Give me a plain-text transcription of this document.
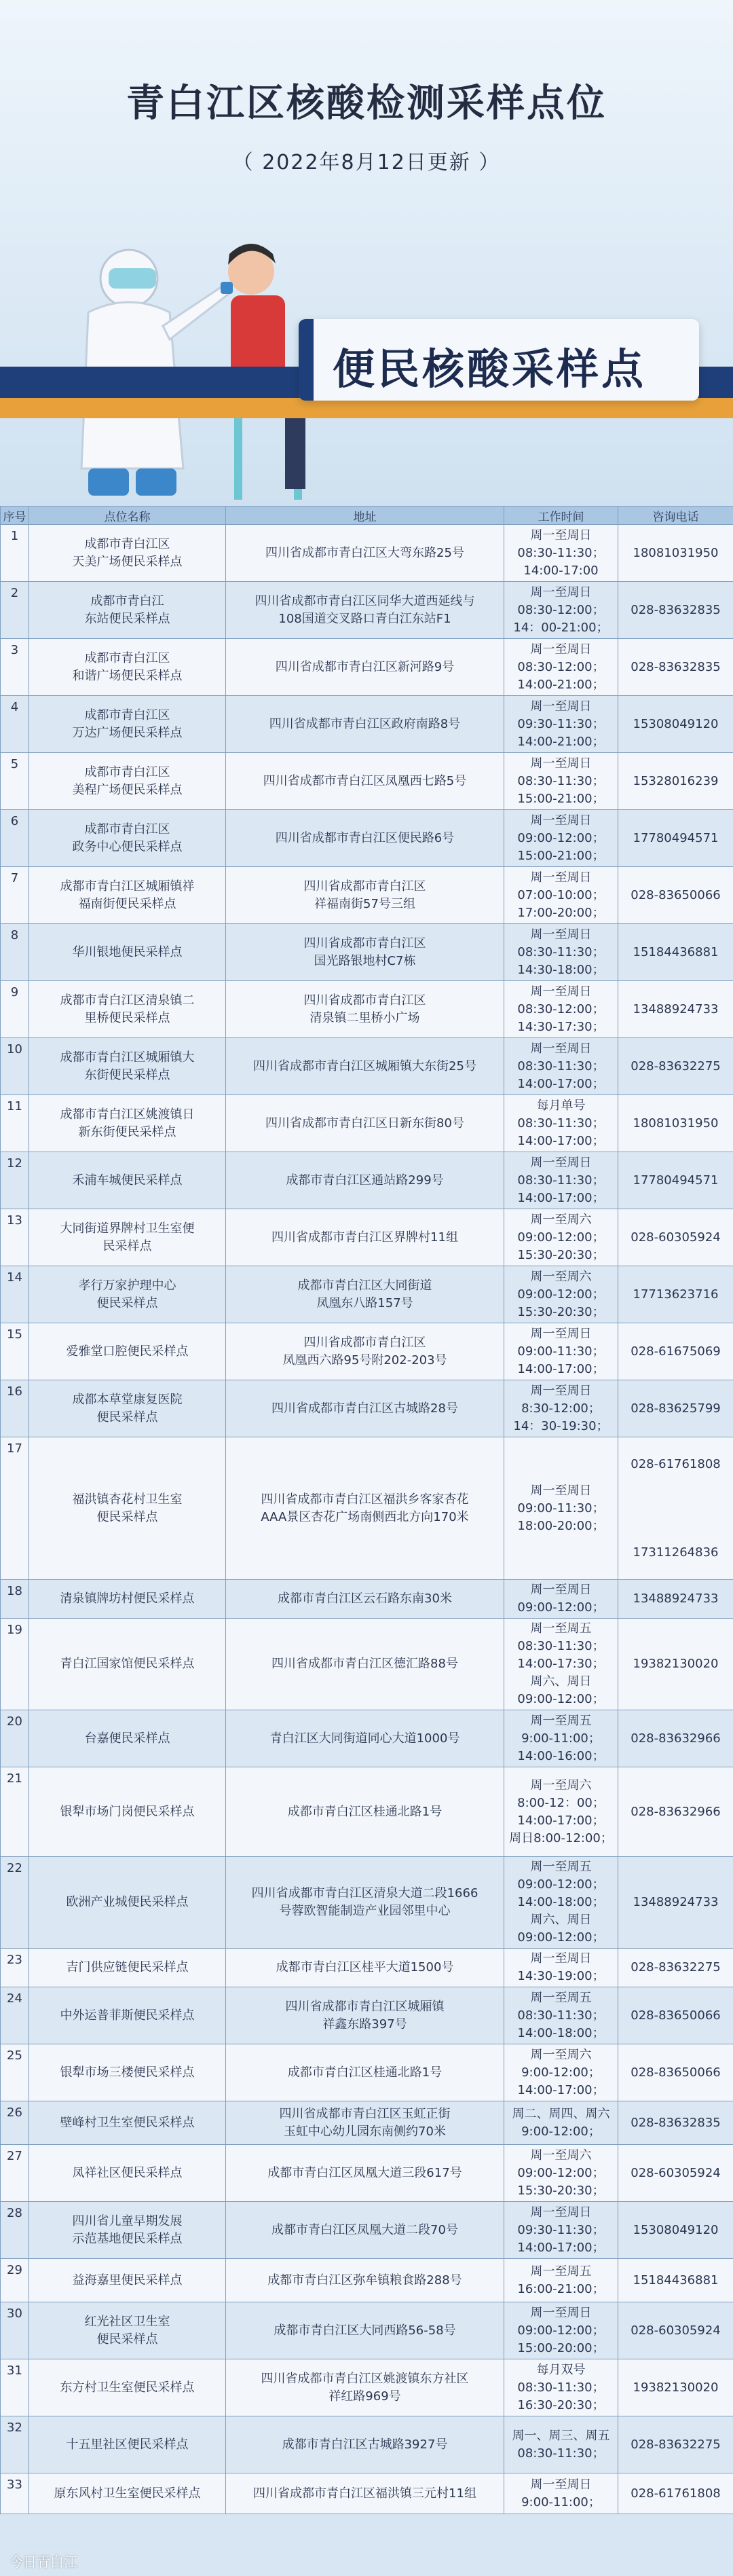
青白江区核酸检测采样点位
（ 2022年8月12日更新 ）
便民核酸采样点
序号	点位名称	地址	工作时间	咨询电话
1	成都市青白江区
天美广场便民采样点	四川省成都市青白江区大弯东路25号	周一至周日
08:30-11:30；
14:00-17:00	18081031950
2	成都市青白江
东站便民采样点	四川省成都市青白江区同华大道西延线与
108国道交叉路口青白江东站F1	周一至周日
08:30-12:00；
14：00-21:00；	028-83632835
3	成都市青白江区
和谐广场便民采样点	四川省成都市青白江区新河路9号	周一至周日
08:30-12:00；
14:00-21:00；	028-83632835
4	成都市青白江区
万达广场便民采样点	四川省成都市青白江区政府南路8号	周一至周日
09:30-11:30；
14:00-21:00；	15308049120
5	成都市青白江区
美程广场便民采样点	四川省成都市青白江区凤凰西七路5号	周一至周日
08:30-11:30；
15:00-21:00；	15328016239
6	成都市青白江区
政务中心便民采样点	四川省成都市青白江区便民路6号	周一至周日
09:00-12:00；
15:00-21:00；	17780494571
7	成都市青白江区城厢镇祥
福南街便民采样点	四川省成都市青白江区
祥福南街57号三组	周一至周日
07:00-10:00；
17:00-20:00；	028-83650066
8	华川银地便民采样点	四川省成都市青白江区
国光路银地村C7栋	周一至周日
08:30-11:30；
14:30-18:00；	15184436881
9	成都市青白江区清泉镇二
里桥便民采样点	四川省成都市青白江区
清泉镇二里桥小广场	周一至周日
08:30-12:00；
14:30-17:30；	13488924733
10	成都市青白江区城厢镇大
东街便民采样点	四川省成都市青白江区城厢镇大东街25号	周一至周日
08:30-11:30；
14:00-17:00；	028-83632275
11	成都市青白江区姚渡镇日
新东街便民采样点	四川省成都市青白江区日新东街80号	每月单号
08:30-11:30；
14:00-17:00；	18081031950
12	禾浦车城便民采样点	成都市青白江区通站路299号	周一至周日
08:30-11:30；
14:00-17:00；	17780494571
13	大同街道界牌村卫生室便
民采样点	四川省成都市青白江区界牌村11组	周一至周六
09:00-12:00；
15:30-20:30；	028-60305924
14	孝行万家护理中心
便民采样点	成都市青白江区大同街道
凤凰东八路157号	周一至周六
09:00-12:00；
15:30-20:30；	17713623716
15	爱雅堂口腔便民采样点	四川省成都市青白江区
凤凰西六路95号附202-203号	周一至周日
09:00-11:30；
14:00-17:00；	028-61675069
16	成都本草堂康复医院
便民采样点	四川省成都市青白江区古城路28号	周一至周日
8:30-12:00；
14：30-19:30；	028-83625799
17	福洪镇杏花村卫生室
便民采样点	四川省成都市青白江区福洪乡客家杏花
AAA景区杏花广场南侧西北方向170米	周一至周日
09:00-11:30；
18:00-20:00；	028-61761808

17311264836
18	清泉镇牌坊村便民采样点	成都市青白江区云石路东南30米	周一至周日
09:00-12:00；	13488924733
19	青白江国家馆便民采样点	四川省成都市青白江区德汇路88号	周一至周五
08:30-11:30；
14:00-17:30；
周六、周日
09:00-12:00；	19382130020
20	台嘉便民采样点	青白江区大同街道同心大道1000号	周一至周五
9:00-11:00；
14:00-16:00；	028-83632966
21	银犁市场门岗便民采样点	成都市青白江区桂通北路1号	周一至周六
8:00-12：00；
14:00-17:00；
周日8:00-12:00；	028-83632966
22	欧洲产业城便民采样点	四川省成都市青白江区清泉大道二段1666
号蓉欧智能制造产业园邻里中心	周一至周五
09:00-12:00；
14:00-18:00；
周六、周日
09:00-12:00；	13488924733
23	吉门供应链便民采样点	成都市青白江区桂平大道1500号	周一至周日
14:30-19:00；	028-83632275
24	中外运普菲斯便民采样点	四川省成都市青白江区城厢镇
祥鑫东路397号	周一至周五
08:30-11:30；
14:00-18:00；	028-83650066
25	银犁市场三楼便民采样点	成都市青白江区桂通北路1号	周一至周六
9:00-12:00；
14:00-17:00；	028-83650066
26	壁峰村卫生室便民采样点	四川省成都市青白江区玉虹正街
玉虹中心幼儿园东南侧约70米	周二、周四、周六
9:00-12:00；	028-83632835
27	凤祥社区便民采样点	成都市青白江区凤凰大道三段617号	周一至周六
09:00-12:00；
15:30-20:30；	028-60305924
28	四川省儿童早期发展
示范基地便民采样点	成都市青白江区凤凰大道二段70号	周一至周日
09:30-11:30；
14:00-17:00；	15308049120
29	益海嘉里便民采样点	成都市青白江区弥牟镇粮食路288号	周一至周五
16:00-21:00；	15184436881
30	红光社区卫生室
便民采样点	成都市青白江区大同西路56-58号	周一至周日
09:00-12:00；
15:00-20:00；	028-60305924
31	东方村卫生室便民采样点	四川省成都市青白江区姚渡镇东方社区
祥红路969号	每月双号
08:30-11:30；
16:30-20:30；	19382130020
32	十五里社区便民采样点	成都市青白江区古城路3927号	周一、周三、周五
08:30-11:30；	028-83632275
33	原东风村卫生室便民采样点	四川省成都市青白江区福洪镇三元村11组	周一至周日
9:00-11:00；	028-61761808
今日青白江
